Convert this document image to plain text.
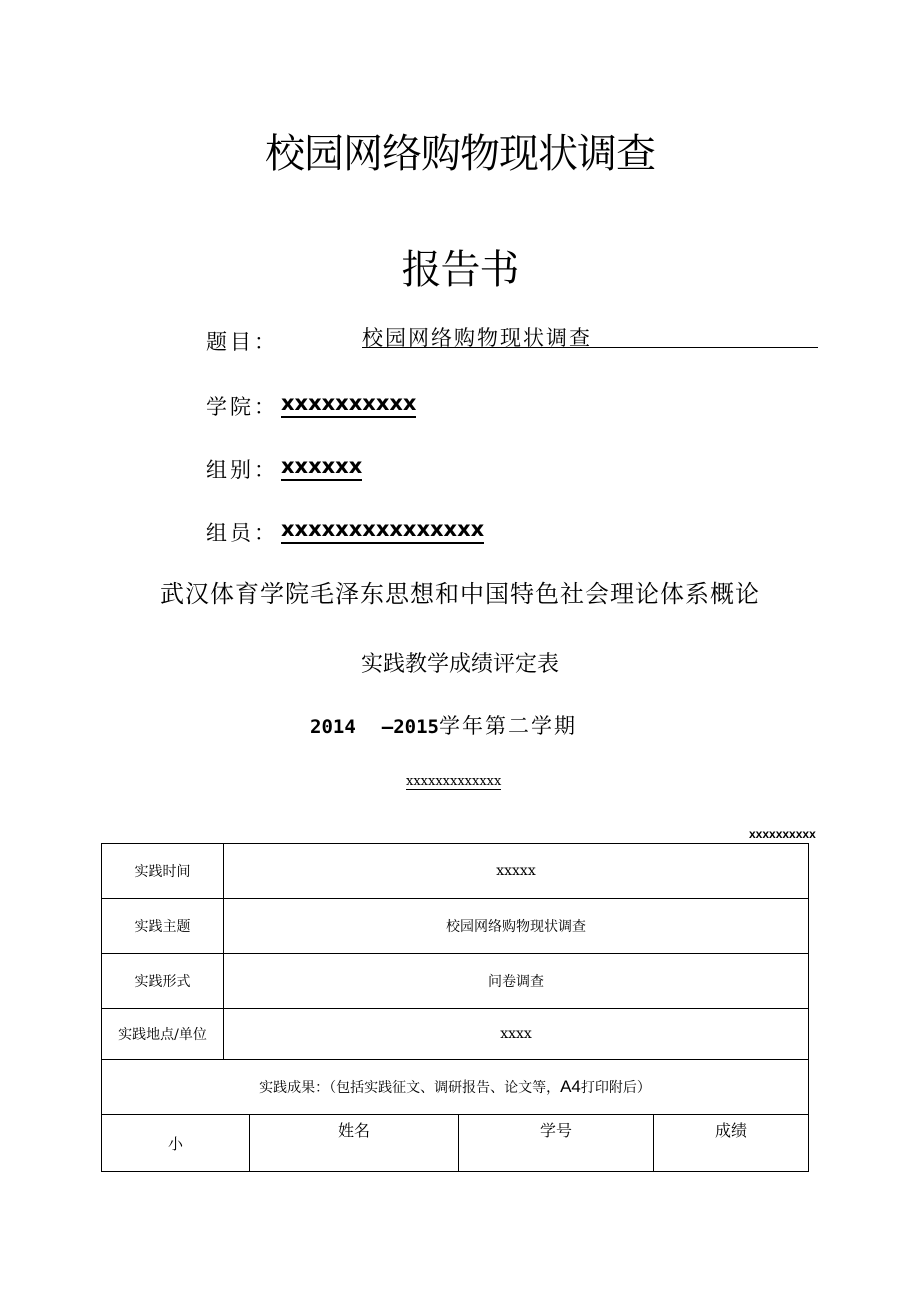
校园网络购物现状调查
报告书
题目：	校园网络购物现状调查
学院： xxxxxxxxxx
组别： xxxxxx
组员： xxxxxxxxxxxxxxx
武汉体育学院毛泽东思想和中国特色社会理论体系概论
实践教学成绩评定表
2014 —2015学年第二学期
xxxxxxxxxxxxx
xxxxxxxxxx
实践时间	xxxxx
实践主题	校园网络购物现状调查
实践形式	问卷调查
实践地点/单位	xxxx
实践成果：（包括实践征文、调研报告、论文等，A4打印附后）	
小	姓名	学号	成绩
